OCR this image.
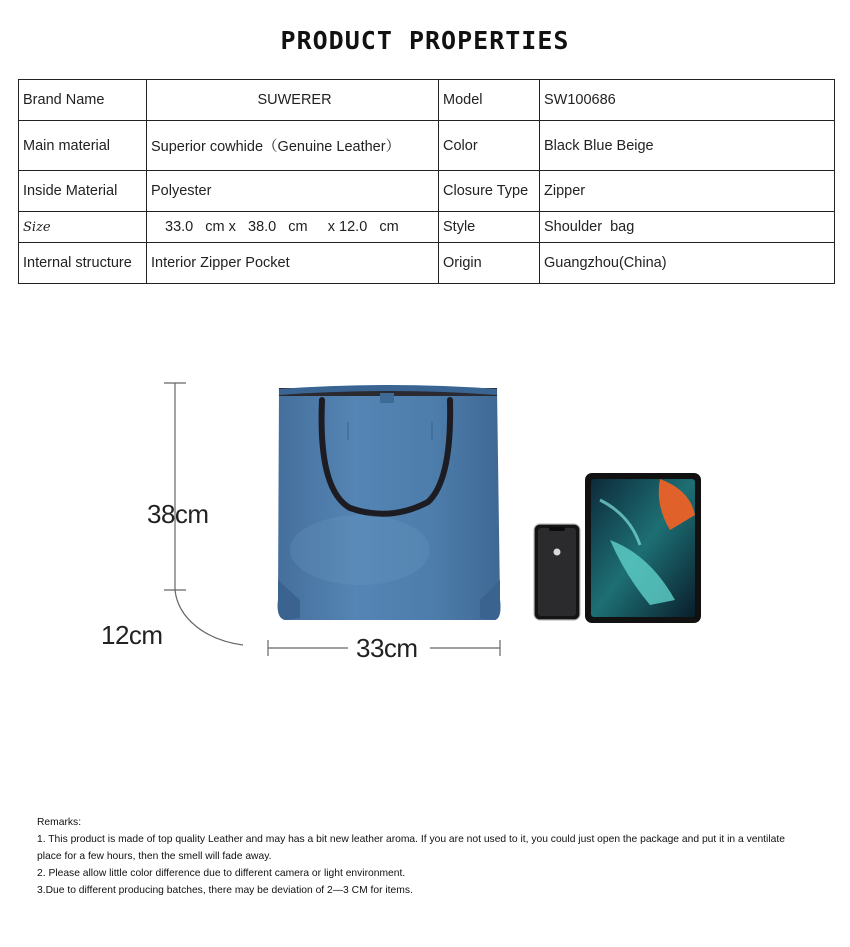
PRODUCT PROPERTIES
Brand Name	SUWERER	Model	SW100686
Main material	Superior cowhide（Genuine Leather）	Color	Black Blue Beige
Inside Material	Polyester	Closure Type	Zipper
Size	33.0   cm x   38.0   cm     x 12.0   cm	Style	Shoulder  bag
Internal structure	Interior Zipper Pocket	Origin	Guangzhou(China)
38cm
12cm	33cm
Remarks:
1. This product is made of top quality Leather and may has a bit new leather aroma. If you are not used to it, you could just open the package and put it in a ventilate
place for a few hours, then the smell will fade away.
2. Please allow little color difference due to different camera or light environment.
3.Due to different producing batches, there may be deviation of 2—3 CM for items.
